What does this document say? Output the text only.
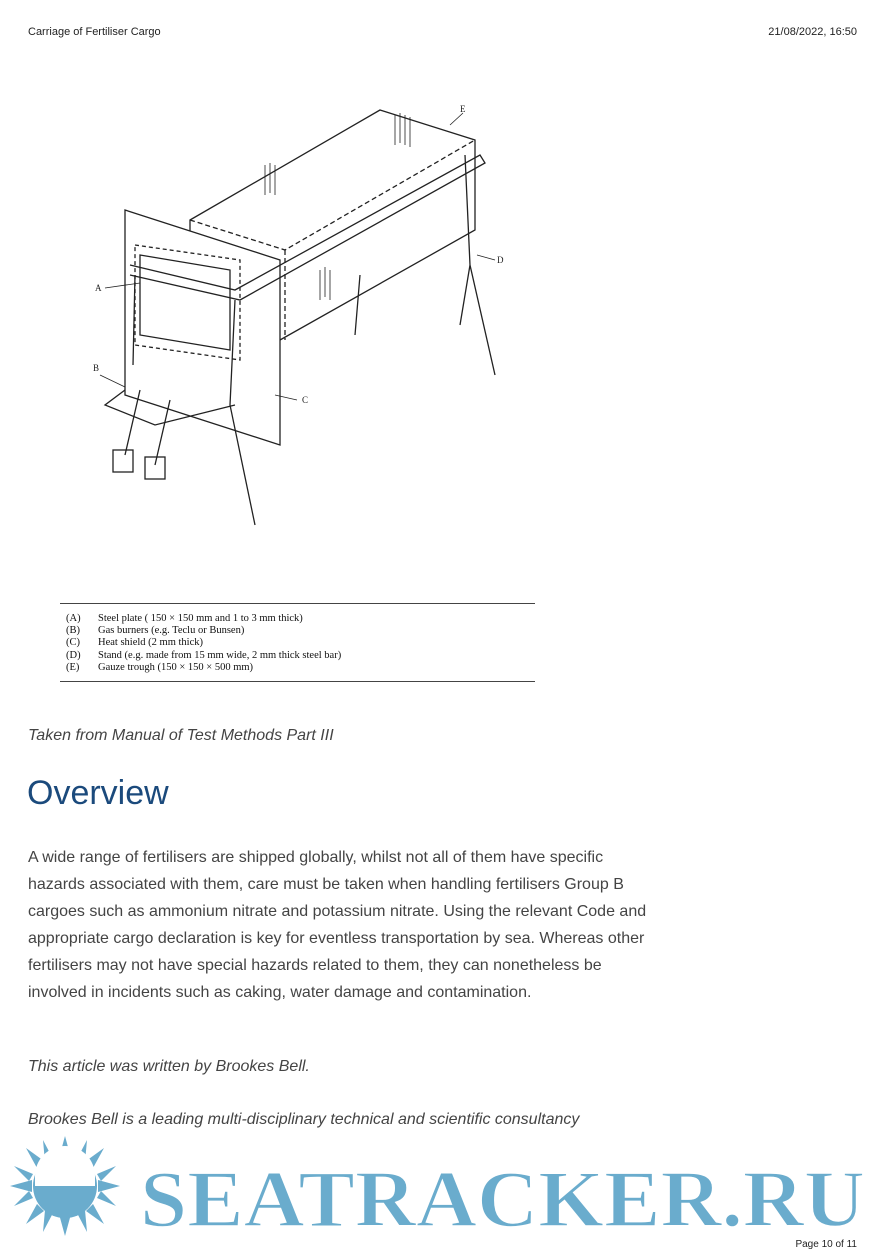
Carriage of Fertiliser Cargo	21/08/2022, 16:50
E
D
C
A
B
(A)	Steel plate ( 150 × 150 mm and 1 to 3 mm thick)
(B)	Gas burners (e.g. Teclu or Bunsen)
(C)	Heat shield (2 mm thick)
(D)	Stand (e.g. made from 15 mm wide, 2 mm thick steel bar)
(E)	Gauze trough (150 × 150 × 500 mm)
Taken from Manual of Test Methods Part III
Overview

A wide range of fertilisers are shipped globally, whilst not all of them have specific hazards associated with them, care must be taken when handling fertilisers Group B cargoes such as ammonium nitrate and potassium nitrate. Using the relevant Code and appropriate cargo declaration is key for eventless transportation by sea. Whereas other fertilisers may not have special hazards related to them, they can nonetheless be involved in incidents such as caking, water damage and contamination.

This article was written by Brookes Bell.

Brookes Bell is a leading multi-disciplinary technical and scientific consultancy

SEATRACKER.RU
Page 10 of 11
